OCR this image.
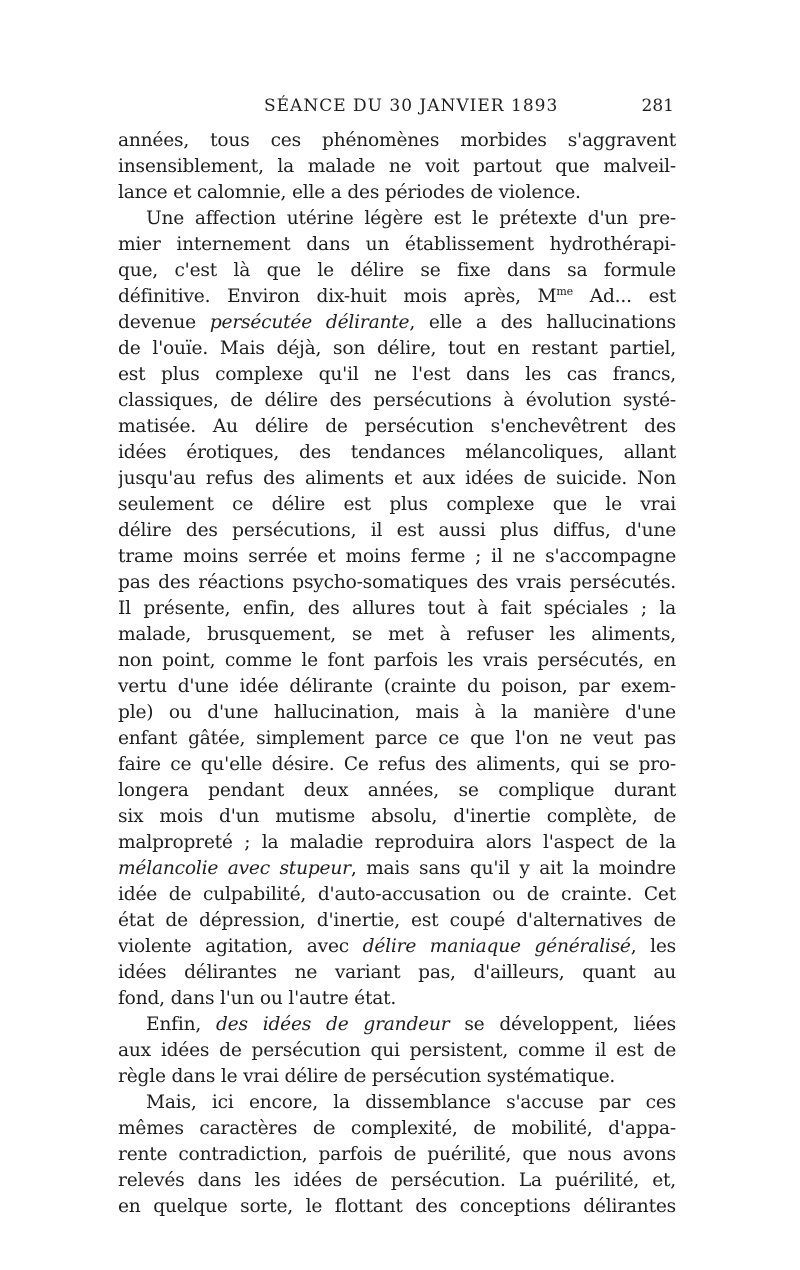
SÉANCE DU 30 JANVIER 1893	281
années, tous ces phénomènes morbides s'aggravent
insensiblement, la malade ne voit partout que malveil-
lance et calomnie, elle a des périodes de violence.
Une affection utérine légère est le prétexte d'un pre-
mier internement dans un établissement hydrothérapi-
que, c'est là que le délire se fixe dans sa formule
définitive. Environ dix-huit mois après, $M^{me}$ Ad... est
devenue persécutée délirante, elle a des hallucinations
de l'ouïe. Mais déjà, son délire, tout en restant partiel,
est plus complexe qu'il ne l'est dans les cas francs,
classiques, de délire des persécutions à évolution systé-
matisée. Au délire de persécution s'enchevêtrent des
idées érotiques, des tendances mélancoliques, allant
jusqu'au refus des aliments et aux idées de suicide. Non
seulement ce délire est plus complexe que le vrai
délire des persécutions, il est aussi plus diffus, d'une
trame moins serrée et moins ferme ; il ne s'accompagne
pas des réactions psycho-somatiques des vrais persécutés.
Il présente, enfin, des allures tout à fait spéciales ; la
malade, brusquement, se met à refuser les aliments,
non point, comme le font parfois les vrais persécutés, en
vertu d'une idée délirante (crainte du poison, par exem-
ple) ou d'une hallucination, mais à la manière d'une
enfant gâtée, simplement parce ce que l'on ne veut pas
faire ce qu'elle désire. Ce refus des aliments, qui se pro-
longera pendant deux années, se complique durant
six mois d'un mutisme absolu, d'inertie complète, de
malpropreté ; la maladie reproduira alors l'aspect de la
mélancolie avec stupeur, mais sans qu'il y ait la moindre
idée de culpabilité, d'auto-accusation ou de crainte. Cet
état de dépression, d'inertie, est coupé d'alternatives de
violente agitation, avec délire maniaque généralisé, les
idées délirantes ne variant pas, d'ailleurs, quant au
fond, dans l'un ou l'autre état.
Enfin, des idées de grandeur se développent, liées
aux idées de persécution qui persistent, comme il est de
règle dans le vrai délire de persécution systématique.
Mais, ici encore, la dissemblance s'accuse par ces
mêmes caractères de complexité, de mobilité, d'appa-
rente contradiction, parfois de puérilité, que nous avons
relevés dans les idées de persécution. La puérilité, et,
en quelque sorte, le flottant des conceptions délirantes
